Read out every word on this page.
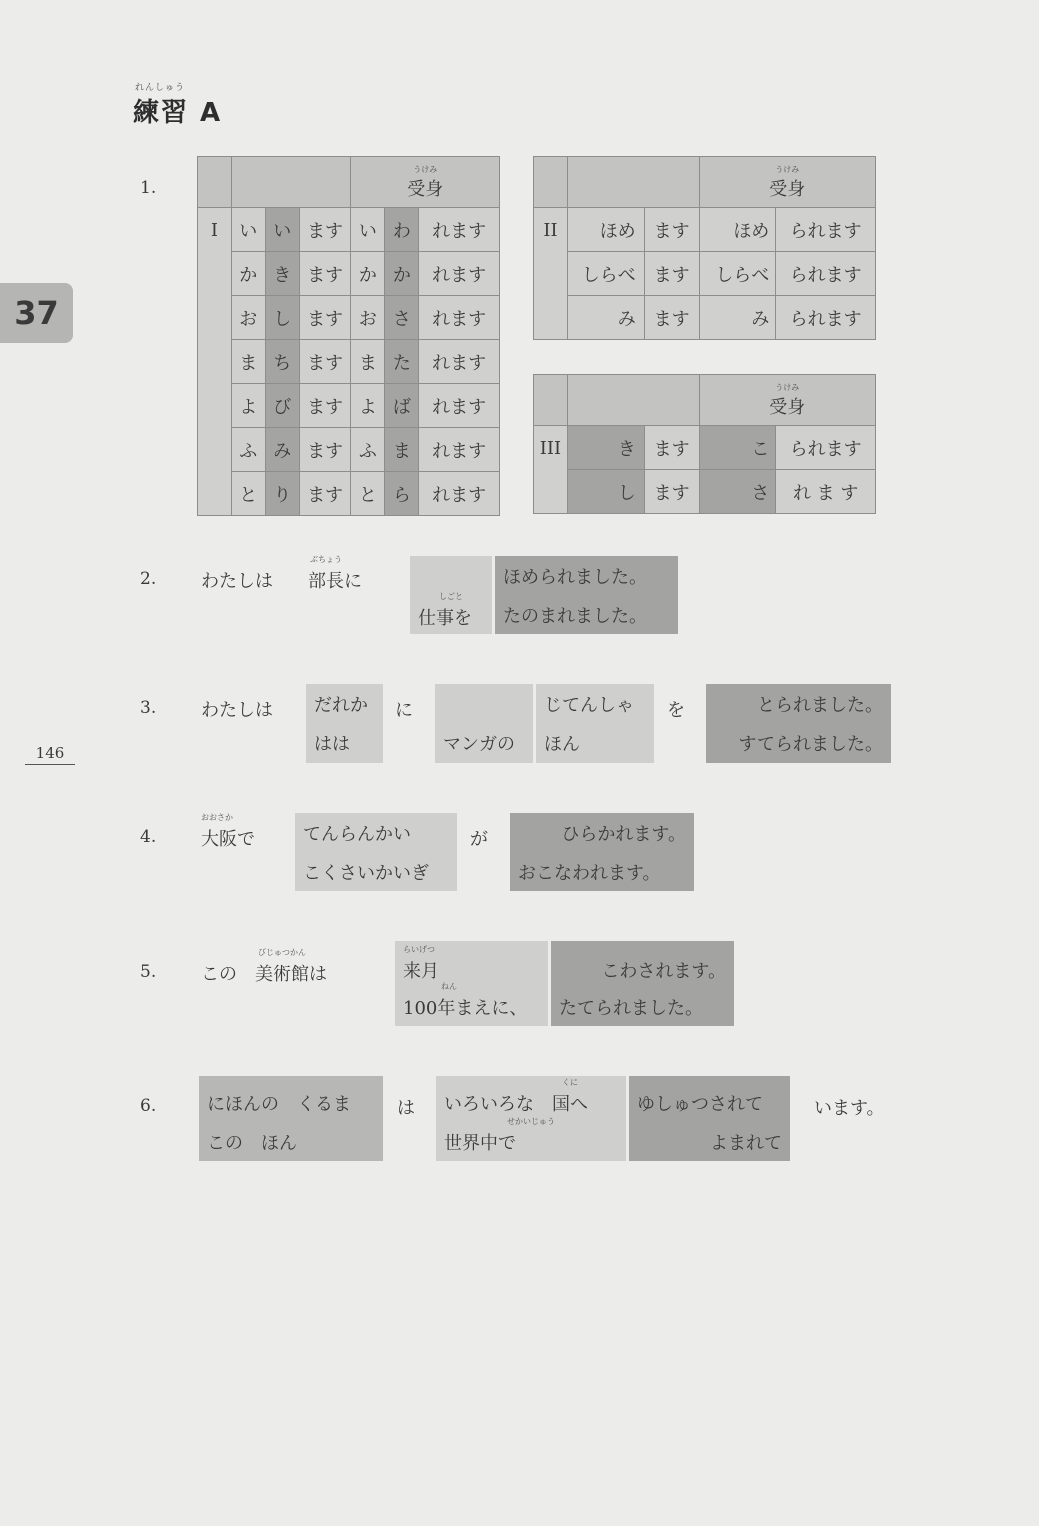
れんしゅう
練習 A
37
146
1.

				うけみ
受身		
I	い	い	ます	い	わ	れます
	か	き	ます	か	か	れます
	お	し	ます	お	さ	れます
	ま	ち	ます	ま	た	れます
	よ	び	ます	よ	ば	れます
	ふ	み	ます	ふ	ま	れます
	と	り	ます	と	ら	れます

			うけみ
受身	
II	ほめ	ます	ほめ	られます
	しらべ	ます	しらべ	られます
	み	ます	み	られます

			うけみ
受身	
III	き	ます	こ	られます
	し	ます	さ	れ ま す
2. わたしは
ぶちょう
部長に
しごと
仕事を
ほめられました。
たのまれました。
3. わたしは だれか
はは
に
マンガの
じてんしゃ
ほん
を	とられました。
すてられました。
4.
おおさか
大阪で	てんらんかい
こくさいかいぎ
が	ひらかれます。
おこなわれます。
5. この　
びじゅつかん
美術館は
らいげつ
来月
ねん
100年まえに、
こわされます。
たてられました。
6.	にほんの　くるま
この　ほん
は いろいろな　
くに
国へ
せかいじゅう
世界中で
ゆしゅつされて
よまれて
います。
